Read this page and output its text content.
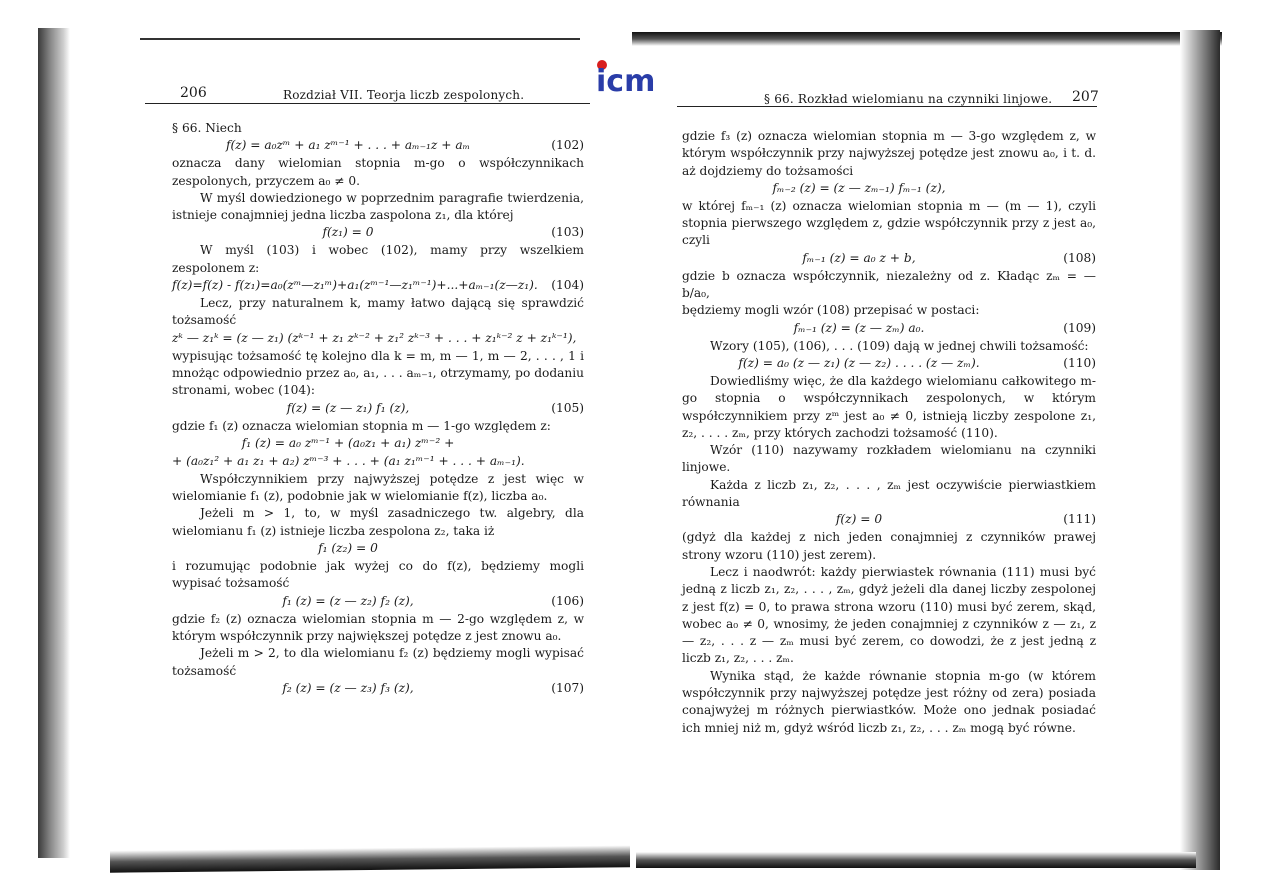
icm
206	Rozdział VII. Teorja liczb zespolonych.

§ 66. Niech

f(z) = a₀zᵐ + a₁ zᵐ⁻¹ + . . . + aₘ₋₁z + aₘ	(102)

oznacza dany wielomian stopnia m-go o współczynnikach zespolonych, przyczem a₀ ≠ 0.

W myśl dowiedzionego w poprzednim paragrafie twierdzenia, istnieje conajmniej jedna liczba zaspolona z₁, dla której

f(z₁) = 0	(103)

W myśl (103) i wobec (102), mamy przy wszelkiem zespolonem z:

f(z)=f(z) - f(z₁)=a₀(zᵐ—z₁ᵐ)+a₁(zᵐ⁻¹—z₁ᵐ⁻¹)+...+aₘ₋₁(z—z₁). (104)

Lecz, przy naturalnem k, mamy łatwo dającą się sprawdzić tożsamość

zᵏ — z₁ᵏ = (z — z₁) (zᵏ⁻¹ + z₁ zᵏ⁻² + z₁² zᵏ⁻³ + . . . + z₁ᵏ⁻² z + z₁ᵏ⁻¹),

wypisując tożsamość tę kolejno dla k = m, m — 1, m — 2, . . . , 1 i mnożąc odpowiednio przez a₀, a₁, . . . aₘ₋₁, otrzymamy, po dodaniu stronami, wobec (104):

f(z) = (z — z₁) f₁ (z),	(105)

gdzie f₁ (z) oznacza wielomian stopnia m — 1-go względem z:

f₁ (z) = a₀ zᵐ⁻¹ + (a₀z₁ + a₁) zᵐ⁻² +
+ (a₀z₁² + a₁ z₁ + a₂) zᵐ⁻³ + . . . + (a₁ z₁ᵐ⁻¹ + . . . + aₘ₋₁).

Współczynnikiem przy najwyższej potędze z jest więc w wielomianie f₁ (z), podobnie jak w wielomianie f(z), liczba a₀.

Jeżeli m > 1, to, w myśl zasadniczego tw. algebry, dla wielomianu f₁ (z) istnieje liczba zespolona z₂, taka iż

f₁ (z₂) = 0

i rozumując podobnie jak wyżej co do f(z), będziemy mogli wypisać tożsamość

f₁ (z) = (z — z₂) f₂ (z),	(106)

gdzie f₂ (z) oznacza wielomian stopnia m — 2-go względem z, w którym współczynnik przy największej potędze z jest znowu a₀.

Jeżeli m > 2, to dla wielomianu f₂ (z) będziemy mogli wypisać tożsamość

f₂ (z) = (z — z₃) f₃ (z),	(107)
§ 66. Rozkład wielomianu na czynniki linjowe. 207

gdzie f₃ (z) oznacza wielomian stopnia m — 3-go względem z, w którym współczynnik przy najwyższej potędze jest znowu a₀, i t. d. aż dojdziemy do tożsamości

fₘ₋₂ (z) = (z — zₘ₋₁) fₘ₋₁ (z),

w której fₘ₋₁ (z) oznacza wielomian stopnia m — (m — 1), czyli stopnia pierwszego względem z, gdzie współczynnik przy z jest a₀, czyli

fₘ₋₁ (z) = a₀ z + b,	(108)

gdzie b oznacza współczynnik, niezależny od z. Kładąc zₘ = — b/a₀,

będziemy mogli wzór (108) przepisać w postaci:

fₘ₋₁ (z) = (z — zₘ) a₀.	(109)

Wzory (105), (106), . . . (109) dają w jednej chwili tożsamość:

f(z) = a₀ (z — z₁) (z — z₂) . . . . (z — zₘ).	(110)

Dowiedliśmy więc, że dla każdego wielomianu całkowitego m-go stopnia o współczynnikach zespolonych, w którym współczynnikiem przy zᵐ jest a₀ ≠ 0, istnieją liczby zespolone z₁, z₂, . . . . zₘ, przy których zachodzi tożsamość (110).

Wzór (110) nazywamy rozkładem wielomianu na czynniki linjowe.

Każda z liczb z₁, z₂, . . . , zₘ jest oczywiście pierwiastkiem równania

f(z) = 0	(111)

(gdyż dla każdej z nich jeden conajmniej z czynników prawej strony wzoru (110) jest zerem).

Lecz i naodwrót: każdy pierwiastek równania (111) musi być jedną z liczb z₁, z₂, . . . , zₘ, gdyż jeżeli dla danej liczby zespolonej z jest f(z) = 0, to prawa strona wzoru (110) musi być zerem, skąd, wobec a₀ ≠ 0, wnosimy, że jeden conajmniej z czynników z — z₁, z — z₂, . . . z — zₘ musi być zerem, co dowodzi, że z jest jedną z liczb z₁, z₂, . . . zₘ.

Wynika stąd, że każde równanie stopnia m-go (w którem współczynnik przy najwyższej potędze jest różny od zera) posiada conajwyżej m różnych pierwiastków. Może ono jednak posiadać ich mniej niż m, gdyż wśród liczb z₁, z₂, . . . zₘ mogą być równe.
